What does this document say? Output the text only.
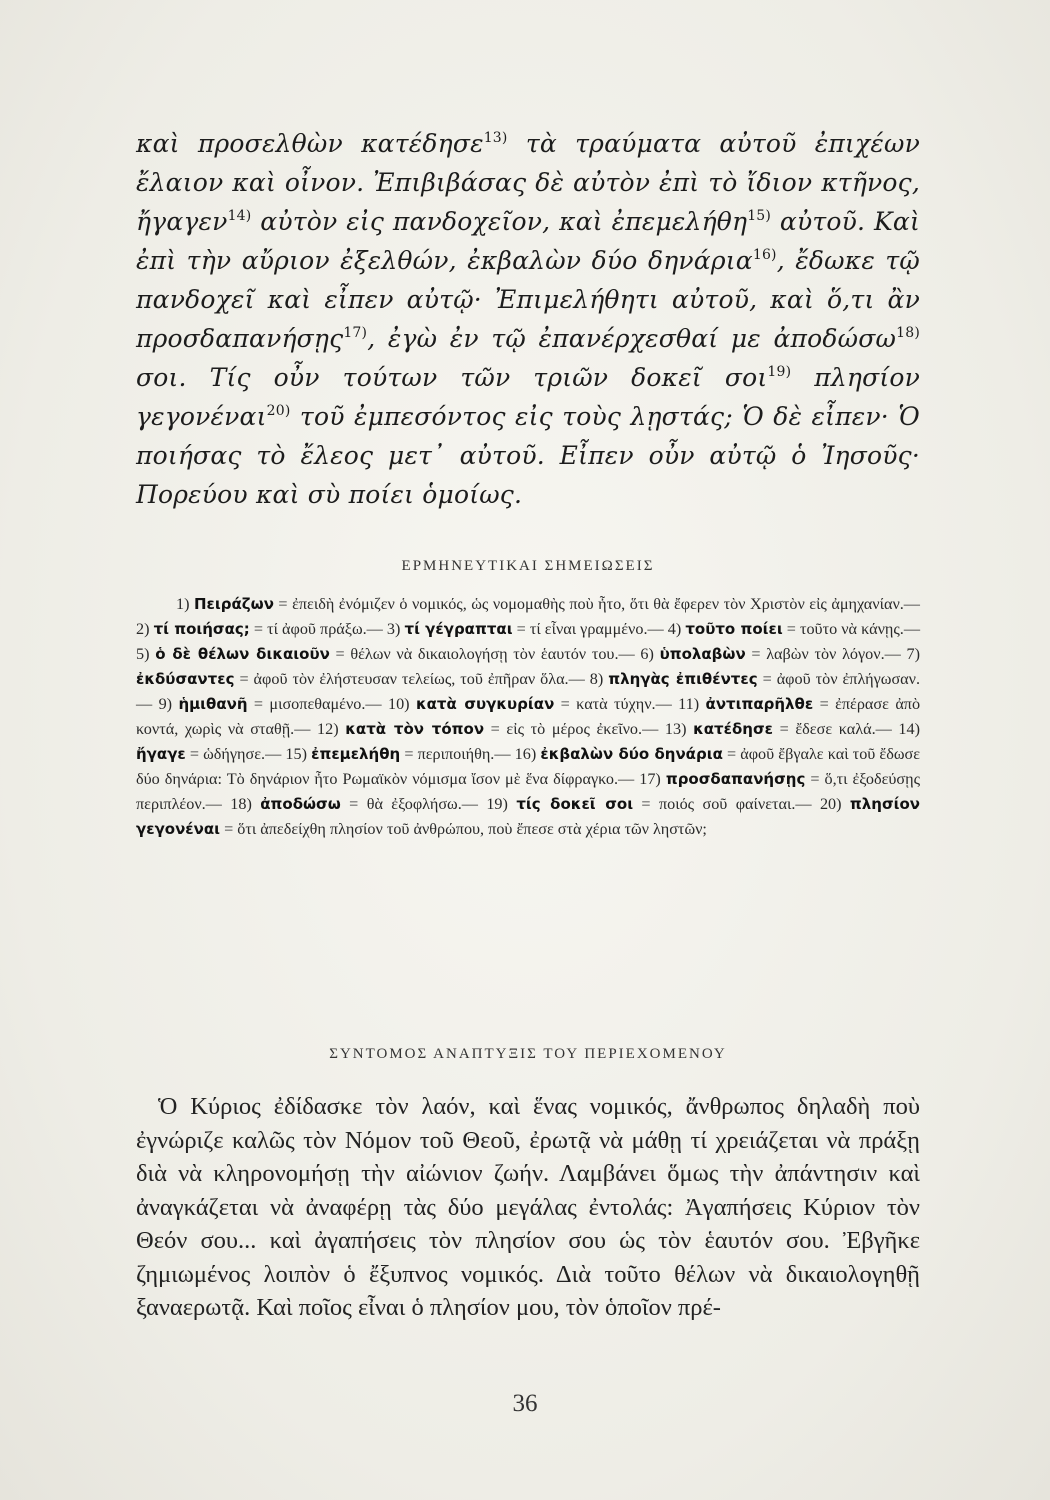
καὶ προσελθὼν κατέδησε$^{13)}$ τὰ τραύματα αὐτοῦ ἐπιχέων ἔλαιον καὶ οἶνον. Ἐπιβιβάσας δὲ αὐτὸν ἐπὶ τὸ ἴδιον κτῆνος, ἤγαγεν$^{14)}$ αὐτὸν εἰς πανδοχεῖον, καὶ ἐπεμελήθη$^{15)}$ αὐτοῦ. Καὶ ἐπὶ τὴν αὔριον ἐξελθών, ἐκβαλὼν δύο δηνάρια$^{16)}$, ἔδωκε τῷ πανδοχεῖ καὶ εἶπεν αὐτῷ· Ἐπιμελήθητι αὐτοῦ, καὶ ὅ,τι ἂν προσδαπανήσῃς$^{17)}$, ἐγὼ ἐν τῷ ἐπανέρχεσθαί με ἀποδώσω$^{18)}$ σοι. Τίς οὖν τούτων τῶν τριῶν δοκεῖ σοι$^{19)}$ πλησίον γεγονέναι$^{20)}$ τοῦ ἐμπεσόντος εἰς τοὺς λῃστάς; Ὁ δὲ εἶπεν· Ὁ ποιήσας τὸ ἔλεος μετ᾽ αὐτοῦ. Εἶπεν οὖν αὐτῷ ὁ Ἰησοῦς· Πορεύου καὶ σὺ ποίει ὁμοίως.

ΕΡΜΗΝΕΥΤΙΚΑΙ ΣΗΜΕΙΩΣΕΙΣ

1) Πειράζων = ἐπειδὴ ἐνόμιζεν ὁ νομικός, ὡς νομομαθὴς ποὺ ἦτο, ὅτι θὰ ἔφερεν τὸν Χριστὸν εἰς ἀμηχανίαν.— 2) τί ποιήσας; = τί ἀφοῦ πράξω.— 3) τί γέγραπται = τί εἶναι γραμμένο.— 4) τοῦτο ποίει = τοῦτο νὰ κάνῃς.— 5) ὁ δὲ θέλων δικαιοῦν = θέλων νὰ δικαιολογήσῃ τὸν ἑαυτόν του.— 6) ὑπολαβὼν = λαβὼν τὸν λόγον.— 7) ἐκδύσαντες = ἀφοῦ τὸν ἐλήστευσαν τελείως, τοῦ ἐπῆραν ὅλα.— 8) πληγὰς ἐπιθέντες = ἀφοῦ τὸν ἐπλήγωσαν.— 9) ἡμιθανῆ = μισοπεθαμένο.— 10) κατὰ συγκυρίαν = κατὰ τύχην.— 11) ἀντιπαρῆλθε = ἐπέρασε ἀπὸ κοντά, χωρὶς νὰ σταθῇ.— 12) κατὰ τὸν τόπον = εἰς τὸ μέρος ἐκεῖνο.— 13) κατέδησε = ἔδεσε καλά.— 14) ἤγαγε = ὡδήγησε.— 15) ἐπεμελήθη = περιποιήθη.— 16) ἐκβαλὼν δύο δηνάρια = ἀφοῦ ἔβγαλε καὶ τοῦ ἔδωσε δύο δηνάρια: Τὸ δηνάριον ἦτο Ρωμαϊκὸν νόμισμα ἴσον μὲ ἕνα δίφραγκο.— 17) προσδαπανήσῃς = ὅ,τι ἐξοδεύσῃς περιπλέον.— 18) ἀποδώσω = θὰ ἐξοφλήσω.— 19) τίς δοκεῖ σοι = ποιός σοῦ φαίνεται.— 20) πλησίον γεγονέναι = ὅτι ἀπεδείχθη πλησίον τοῦ ἀνθρώπου, ποὺ ἔπεσε στὰ χέρια τῶν ληστῶν;

ΣΥΝΤΟΜΟΣ ΑΝΑΠΤΥΞΙΣ ΤΟΥ ΠΕΡΙΕΧΟΜΕΝΟΥ

Ὁ Κύριος ἐδίδασκε τὸν λαόν, καὶ ἕνας νομικός, ἄνθρωπος δηλαδὴ ποὺ ἐγνώριζε καλῶς τὸν Νόμον τοῦ Θεοῦ, ἐρωτᾷ νὰ μάθῃ τί χρειάζεται νὰ πράξῃ διὰ νὰ κληρονομήσῃ τὴν αἰώνιον ζωήν. Λαμβάνει ὅμως τὴν ἀπάντησιν καὶ ἀναγκάζεται νὰ ἀναφέρῃ τὰς δύο μεγάλας ἐντολάς: Ἀγαπήσεις Κύριον τὸν Θεόν σου... καὶ ἀγαπήσεις τὸν πλησίον σου ὡς τὸν ἑαυτόν σου. Ἐβγῆκε ζημιωμένος λοιπὸν ὁ ἔξυπνος νομικός. Διὰ τοῦτο θέλων νὰ δικαιολογηθῇ ξαναερωτᾷ. Καὶ ποῖος εἶναι ὁ πλησίον μου, τὸν ὁποῖον πρέ-

36
